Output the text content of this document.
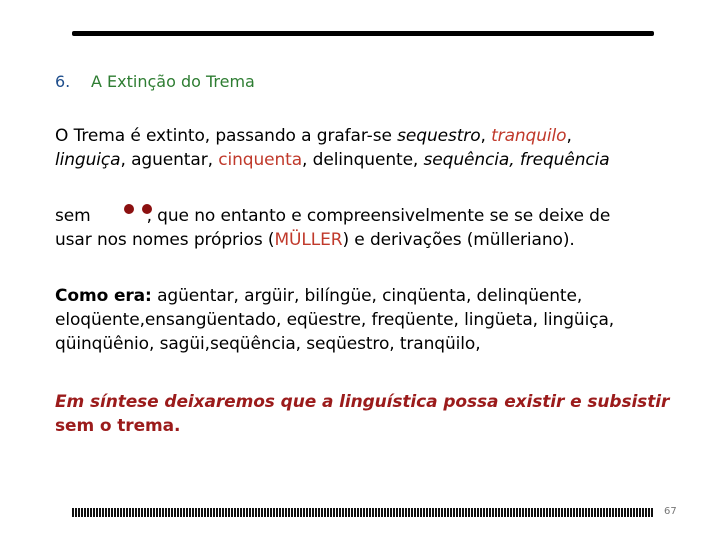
6. A Extinção do Trema
O Trema é extinto, passando a grafar-se sequestro, tranquilo,
linguiça, aguentar, cinquenta, delinquente, sequência, frequência
sem	, que no entanto e compreensivelmente se se deixe de
usar nos nomes próprios (MÜLLER) e derivações (mülleriano).
Como era: agüentar, argüir, bilíngüe, cinqüenta, delinqüente,
eloqüente,ensangüentado, eqüestre, freqüente, lingüeta, lingüiça,
qüinqüênio, sagüi,seqüência, seqüestro, tranqüilo,
Em síntese deixaremos que a linguística possa existir e subsistir
sem o trema.
67
